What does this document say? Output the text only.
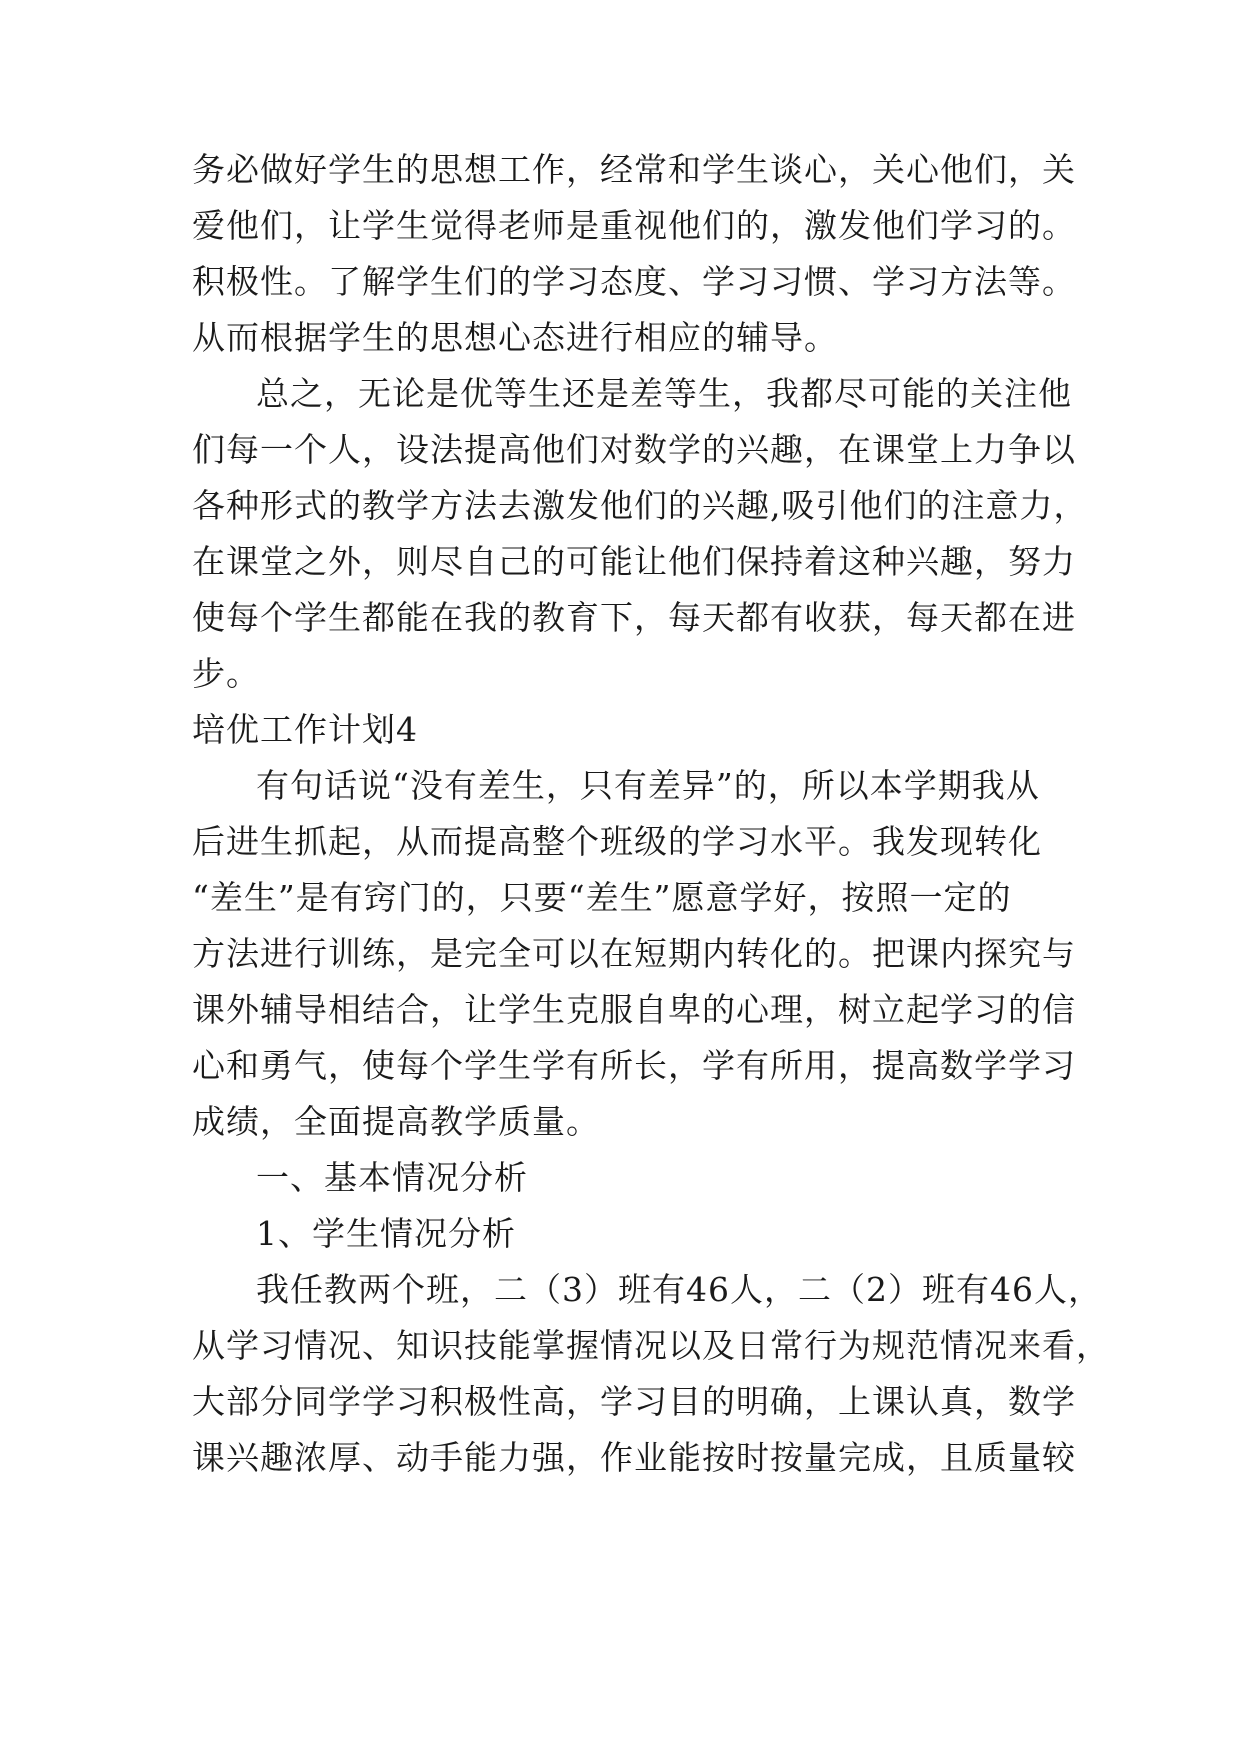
务必做好学生的思想工作，经常和学生谈心，关心他们，关
爱他们，让学生觉得老师是重视他们的，激发他们学习的。
积极性。了解学生们的学习态度、学习习惯、学习方法等。
从而根据学生的思想心态进行相应的辅导。
总之，无论是优等生还是差等生，我都尽可能的关注他
们每一个人，设法提高他们对数学的兴趣，在课堂上力争以
各种形式的教学方法去激发他们的兴趣,吸引他们的注意力，
在课堂之外，则尽自己的可能让他们保持着这种兴趣，努力
使每个学生都能在我的教育下，每天都有收获，每天都在进
步。
培优工作计划4
有句话说“没有差生，只有差异”的，所以本学期我从
后进生抓起，从而提高整个班级的学习水平。我发现转化
“差生”是有窍门的，只要“差生”愿意学好，按照一定的
方法进行训练，是完全可以在短期内转化的。把课内探究与
课外辅导相结合，让学生克服自卑的心理，树立起学习的信
心和勇气，使每个学生学有所长，学有所用，提高数学学习
成绩，全面提高教学质量。
一、基本情况分析
1、学生情况分析
我任教两个班，二（3）班有46人，二（2）班有46人，
从学习情况、知识技能掌握情况以及日常行为规范情况来看，
大部分同学学习积极性高，学习目的明确，上课认真，数学
课兴趣浓厚、动手能力强，作业能按时按量完成，且质量较
